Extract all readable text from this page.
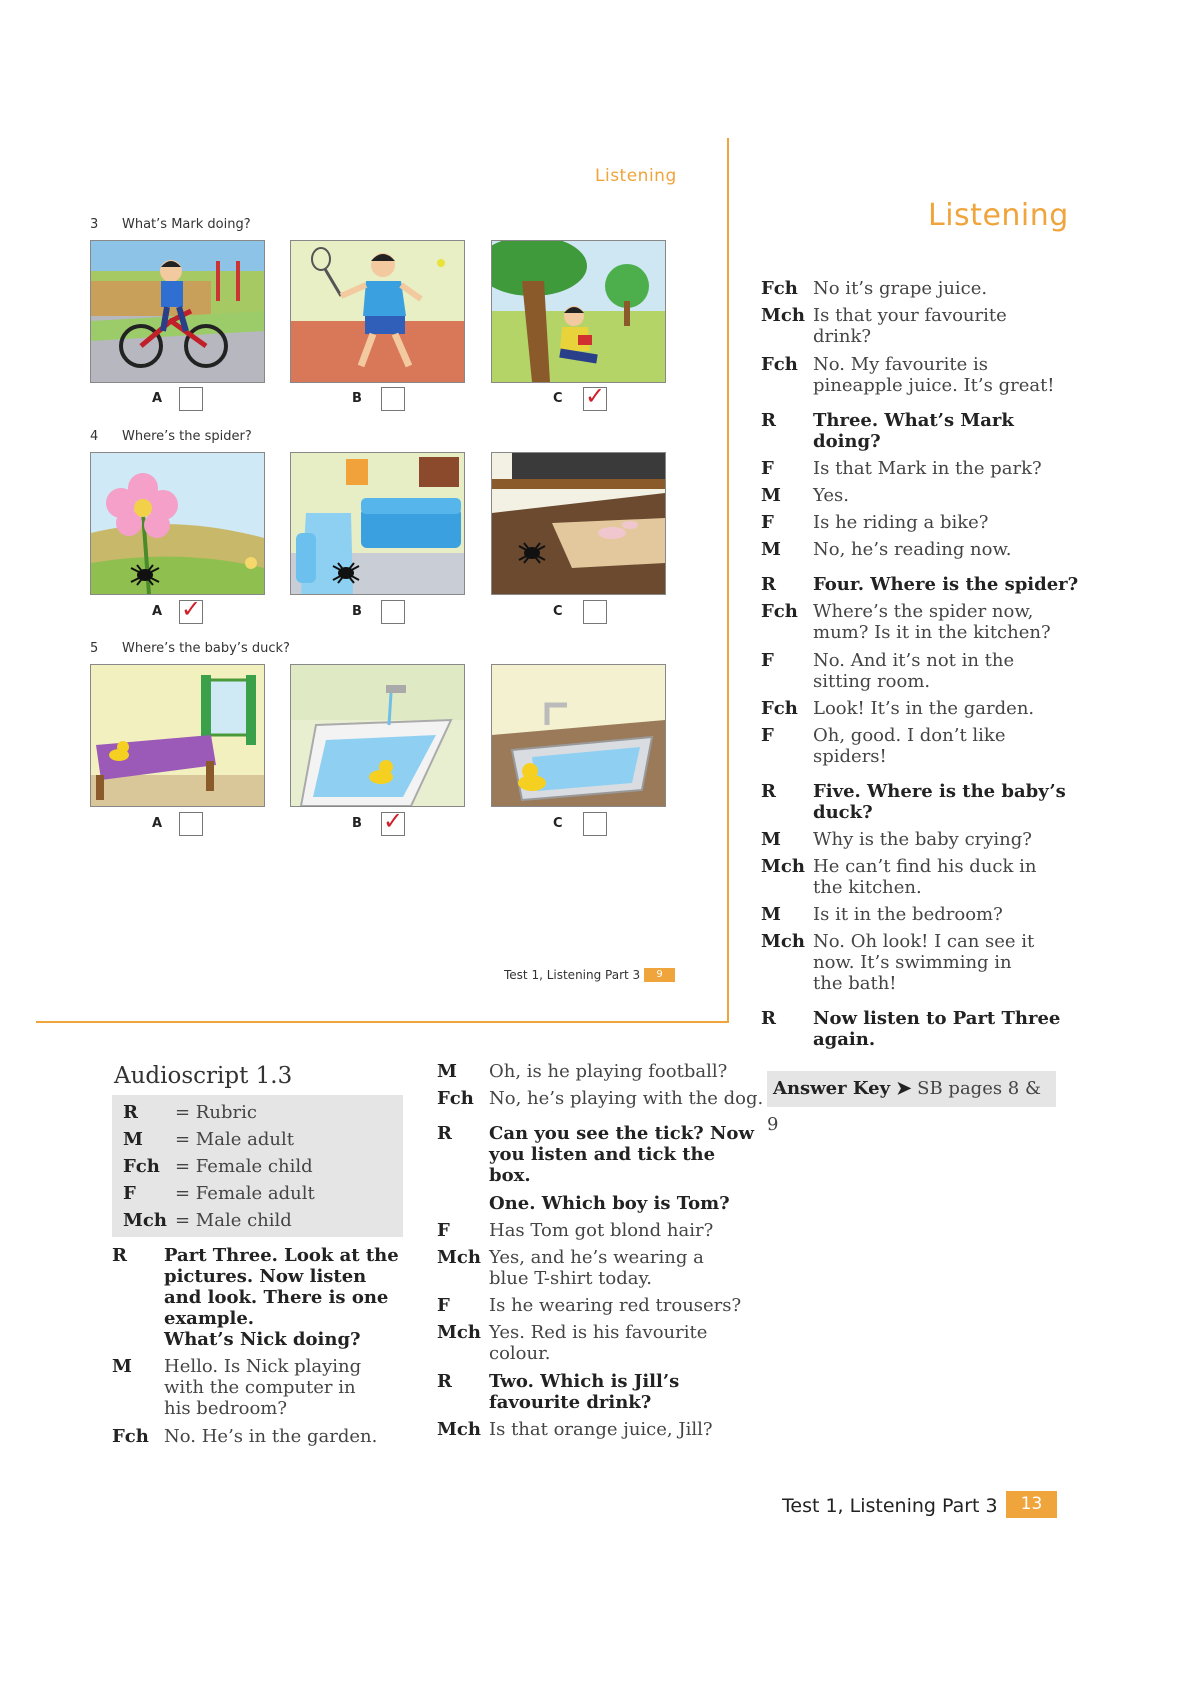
Listening
3 What’s Mark doing?
A	B	C ✓
4 Where’s the spider?
A ✓	B	C
5 Where’s the baby’s duck?
A	B ✓	C
Test 1, Listening Part 3	9
Listening
Fch No it’s grape juice.
Mch Is that your favourite
drink?
Fch No. My favourite is
pineapple juice. It’s great!
R	Three. What’s Mark
doing?
F	Is that Mark in the park?
M	Yes.
F	Is he riding a bike?
M	No, he’s reading now.
R	Four. Where is the spider?
Fch Where’s the spider now,
mum? Is it in the kitchen?
F	No. And it’s not in the
sitting room.
Fch Look! It’s in the garden.
F	Oh, good. I don’t like
spiders!
R	Five. Where is the baby’s
duck?
M	Why is the baby crying?
Mch He can’t find his duck in
the kitchen.
M	Is it in the bedroom?
Mch No. Oh look! I can see it
now. It’s swimming in
the bath!
R	Now listen to Part Three
again.
Answer Key ➤ SB pages 8 & 9
Audioscript 1.3
R	= Rubric
M	= Male adult
Fch = Female child
F	= Female adult
Mch = Male child
R	Part Three. Look at the
pictures. Now listen
and look. There is one
example.
What’s Nick doing?
M	Hello. Is Nick playing
with the computer in
his bedroom?
Fch No. He’s in the garden.
M	Oh, is he playing football?
Fch No, he’s playing with the dog.
R	Can you see the tick? Now
you listen and tick the
box.
One. Which boy is Tom?
F	Has Tom got blond hair?
Mch Yes, and he’s wearing a
blue T-shirt today.
F	Is he wearing red trousers?
Mch Yes. Red is his favourite
colour.
R	Two. Which is Jill’s
favourite drink?
Mch Is that orange juice, Jill?
Test 1, Listening Part 3	13
